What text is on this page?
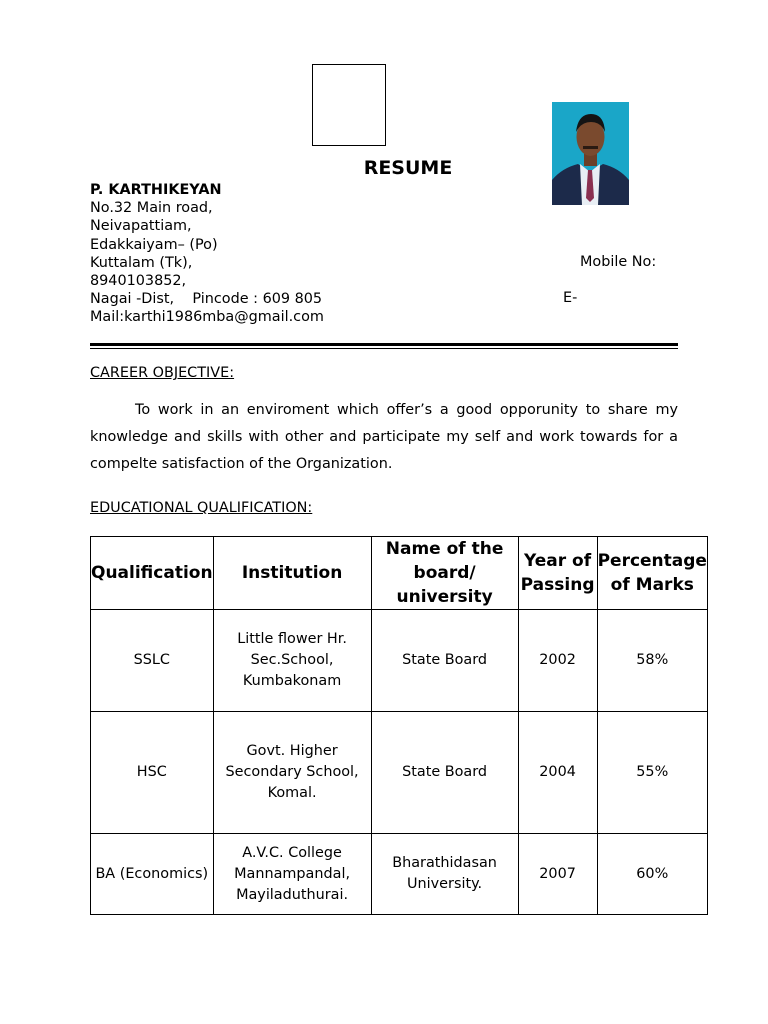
RESUME
P. KARTHIKEYAN
No.32 Main road,
Neivapattiam,
Edakkaiyam– (Po)
Kuttalam (Tk),
8940103852,
Nagai -Dist,    Pincode : 609 805
Mail:karthi1986mba@gmail.com
Mobile No:
E-
CAREER OBJECTIVE:

To work in an enviroment which offer’s a good opporunity to share my knowledge and skills with other and participate my self and work towards for a compelte satisfaction of the Organization.

EDUCATIONAL QUALIFICATION:
Qualification	Institution	Name of the board/ university	Year of Passing	Percentage of Marks
SSLC	Little flower Hr. Sec.School, Kumbakonam	State Board	2002	58%
HSC	Govt. Higher Secondary School, Komal.	State Board	2004	55%
BA (Economics)	A.V.C. College Mannampandal, Mayiladuthurai.	Bharathidasan University.	2007	60%
